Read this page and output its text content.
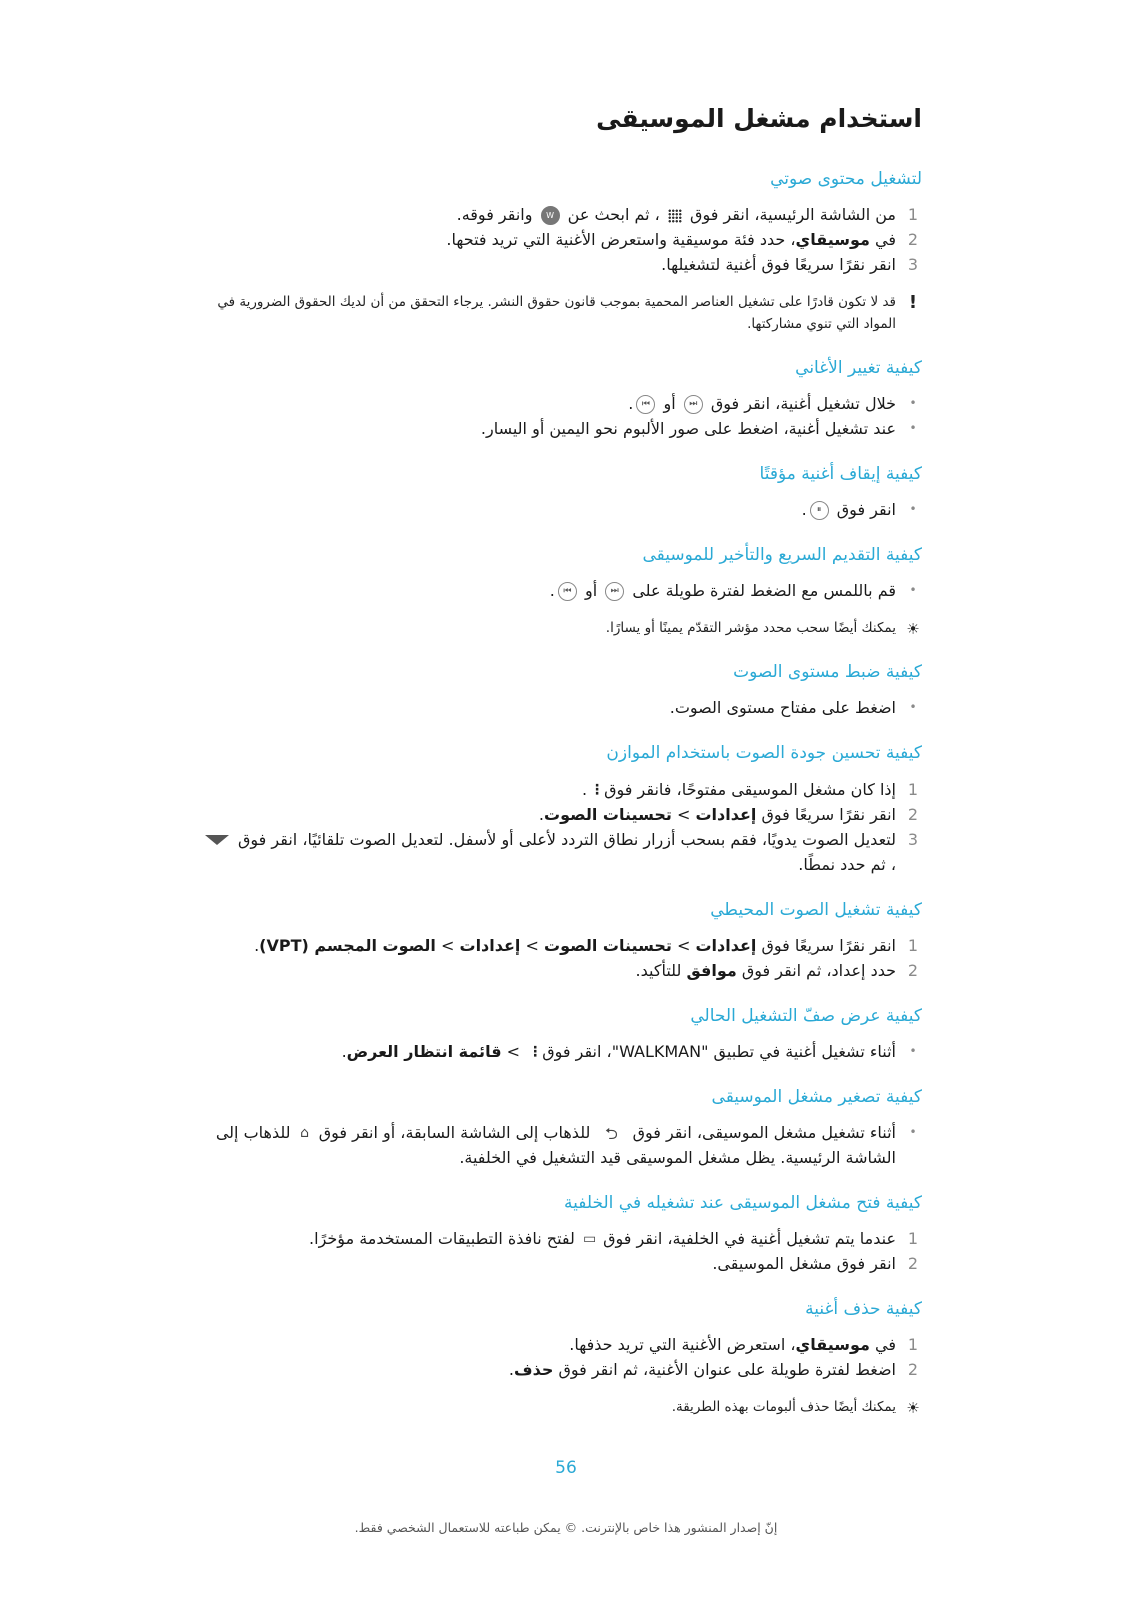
استخدام مشغل الموسيقى
لتشغيل محتوى صوتي
1
من الشاشة الرئيسية، انقر فوق  ، ثم ابحث عن W وانقر فوقه.
2
في موسيقاي، حدد فئة موسيقية واستعرض الأغنية التي تريد فتحها.
3
انقر نقرًا سريعًا فوق أغنية لتشغيلها.
!
قد لا تكون قادرًا على تشغيل العناصر المحمية بموجب قانون حقوق النشر. يرجاء التحقق من أن لديك الحقوق الضرورية في المواد التي تنوي مشاركتها.
كيفية تغيير الأغاني
•
خلال تشغيل أغنية، انقر فوق ⏭ أو ⏮.
•
عند تشغيل أغنية، اضغط على صور الألبوم نحو اليمين أو اليسار.
كيفية إيقاف أغنية مؤقتًا
•
انقر فوق ⏸.
كيفية التقديم السريع والتأخير للموسيقى
•
قم باللمس مع الضغط لفترة طويلة على ⏭ أو ⏮.
☀
يمكنك أيضًا سحب محدد مؤشر التقدّم يمينًا أو يسارًا.
كيفية ضبط مستوى الصوت
•
اضغط على مفتاح مستوى الصوت.
كيفية تحسين جودة الصوت باستخدام الموازن
1
إذا كان مشغل الموسيقى مفتوحًا، فانقر فوق ⋮.
2
انقر نقرًا سريعًا فوق إعدادات > تحسينات الصوت.
3
لتعديل الصوت يدويًا، فقم بسحب أزرار نطاق التردد لأعلى أو لأسفل. لتعديل الصوت تلقائيًا، انقر فوق ، ثم حدد نمطًا.
كيفية تشغيل الصوت المحيطي
1
انقر نقرًا سريعًا فوق إعدادات > تحسينات الصوت > إعدادات > الصوت المجسم (VPT).
2
حدد إعداد، ثم انقر فوق موافق للتأكيد.
كيفية عرض صفّ التشغيل الحالي
•
أثناء تشغيل أغنية في تطبيق "WALKMAN"، انقر فوق ⋮ > قائمة انتظار العرض.
كيفية تصغير مشغل الموسيقى
•
أثناء تشغيل مشغل الموسيقى، انقر فوق ⮌ للذهاب إلى الشاشة السابقة، أو انقر فوق ⌂ للذهاب إلى الشاشة الرئيسية. يظل مشغل الموسيقى قيد التشغيل في الخلفية.
كيفية فتح مشغل الموسيقى عند تشغيله في الخلفية
1
عندما يتم تشغيل أغنية في الخلفية، انقر فوق ▭ لفتح نافذة التطبيقات المستخدمة مؤخرًا.
2
انقر فوق مشغل الموسيقى.
كيفية حذف أغنية
1
في موسيقاي، استعرض الأغنية التي تريد حذفها.
2
اضغط لفترة طويلة على عنوان الأغنية، ثم انقر فوق حذف.
☀
يمكنك أيضًا حذف ألبومات بهذه الطريقة.
56
إنّ إصدار المنشور هذا خاص بالإنترنت. © يمكن طباعته للاستعمال الشخصي فقط.
